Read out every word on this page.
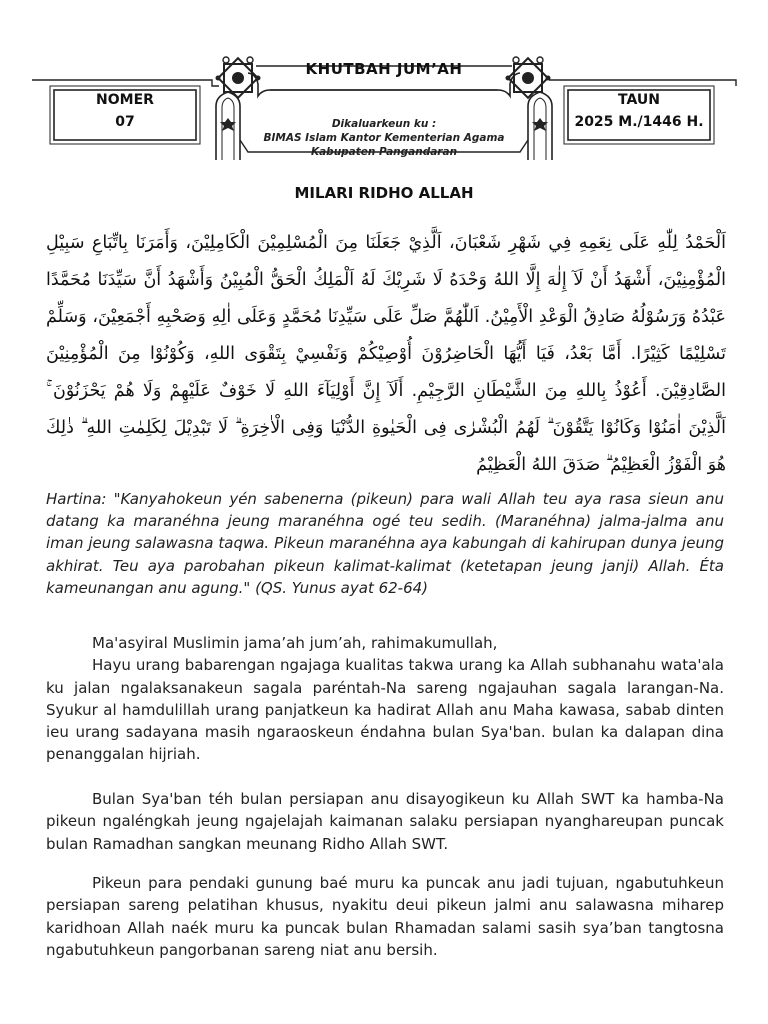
KHUTBAH JUM’AH
NOMER
07
TAUN
2025 M./1446 H.
Dikaluarkeun ku :
BIMAS Islam Kantor Kementerian Agama
Kabupaten Pangandaran
MILARI RIDHO ALLAH
اَلْحَمْدُ لِلّٰهِ عَلَى نِعَمِهِ فِي شَهْرِ شَعْبَانَ، اَلَّذِيْ جَعَلَنَا مِنَ الْمُسْلِمِيْنَ الْكَامِلِيْنَ، وَأَمَرَنَا بِاتِّبَاعِ سَبِيْلِ الْمُؤْمِنِيْنَ، أَشْهَدُ أَنْ لَآ إِلٰهَ إِلَّا اللهُ وَحْدَهُ لَا شَرِيْكَ لَهُ اَلْمَلِكُ الْحَقُّ الْمُبِيْنُ وَأَشْهَدُ أَنَّ سَيِّدَنَا مُحَمَّدًا عَبْدُهُ وَرَسُوْلُهُ صَادِقُ الْوَعْدِ الْأَمِيْنُ. اَللّٰهُمَّ صَلِّ عَلَى سَيِّدِنَا مُحَمَّدٍ وَعَلَى اٰلِهِ وَصَحْبِهِ أَجْمَعِيْنَ، وَسَلِّمْ تَسْلِيْمًا كَثِيْرًا. أَمَّا بَعْدُ، فَيَا أَيُّهَا الْحَاضِرُوْنَ أُوْصِيْكُمْ وَنَفْسِيْ بِتَقْوَى اللهِ، وَكُوْنُوْا مِنَ الْمُؤْمِنِيْنَ الصَّادِقِيْنَ. أَعُوْذُ بِاللهِ مِنَ الشَّيْطَانِ الرَّجِيْمِ. أَلَآ إِنَّ أَوْلِيَآءَ اللهِ لَا خَوْفٌ عَلَيْهِمْ وَلَا هُمْ يَحْزَنُوْنَ ۚ اَلَّذِيْنَ اٰمَنُوْا وَكَانُوْا يَتَّقُوْنَ ۗ لَهُمُ الْبُشْرٰى فِى الْحَيٰوةِ الدُّنْيَا وَفِى الْاٰخِرَةِ ۗ لَا تَبْدِيْلَ لِكَلِمٰتِ اللهِ ۗ ذٰلِكَ هُوَ الْفَوْزُ الْعَظِيْمُ ۗ صَدَقَ اللهُ الْعَظِيْمُ
Hartina: "Kanyahokeun yén sabenerna (pikeun) para wali Allah teu aya rasa sieun anu datang ka maranéhna jeung maranéhna ogé teu sedih. (Maranéhna) jalma-jalma anu iman jeung salawasna taqwa. Pikeun maranéhna aya kabungah di kahirupan dunya jeung akhirat. Teu aya parobahan pikeun kalimat-kalimat (ketetapan jeung janji) Allah. Éta kameunangan anu agung." (QS. Yunus ayat 62-64)

Ma'asyiral Muslimin jama’ah jum’ah, rahimakumullah,

Hayu urang babarengan ngajaga kualitas takwa urang ka Allah subhanahu wata'ala ku jalan ngalaksanakeun sagala paréntah-Na sareng ngajauhan sagala larangan-Na. Syukur al hamdulillah urang panjatkeun ka hadirat Allah anu Maha kawasa, sabab dinten ieu urang sadayana masih ngaraoskeun éndahna bulan Sya'ban. bulan ka dalapan dina penanggalan hijriah.

Bulan Sya'ban téh bulan persiapan anu disayogikeun ku Allah SWT ka hamba-Na pikeun ngaléngkah jeung ngajelajah kaimanan salaku persiapan nyanghareupan puncak bulan Ramadhan sangkan meunang Ridho Allah SWT.

Pikeun para pendaki gunung baé muru ka puncak anu jadi tujuan, ngabutuhkeun persiapan sareng pelatihan khusus, nyakitu deui pikeun jalmi anu salawasna miharep karidhoan Allah naék muru ka puncak bulan Rhamadan salami sasih sya’ban tangtosna ngabutuhkeun pangorbanan sareng niat anu bersih.
